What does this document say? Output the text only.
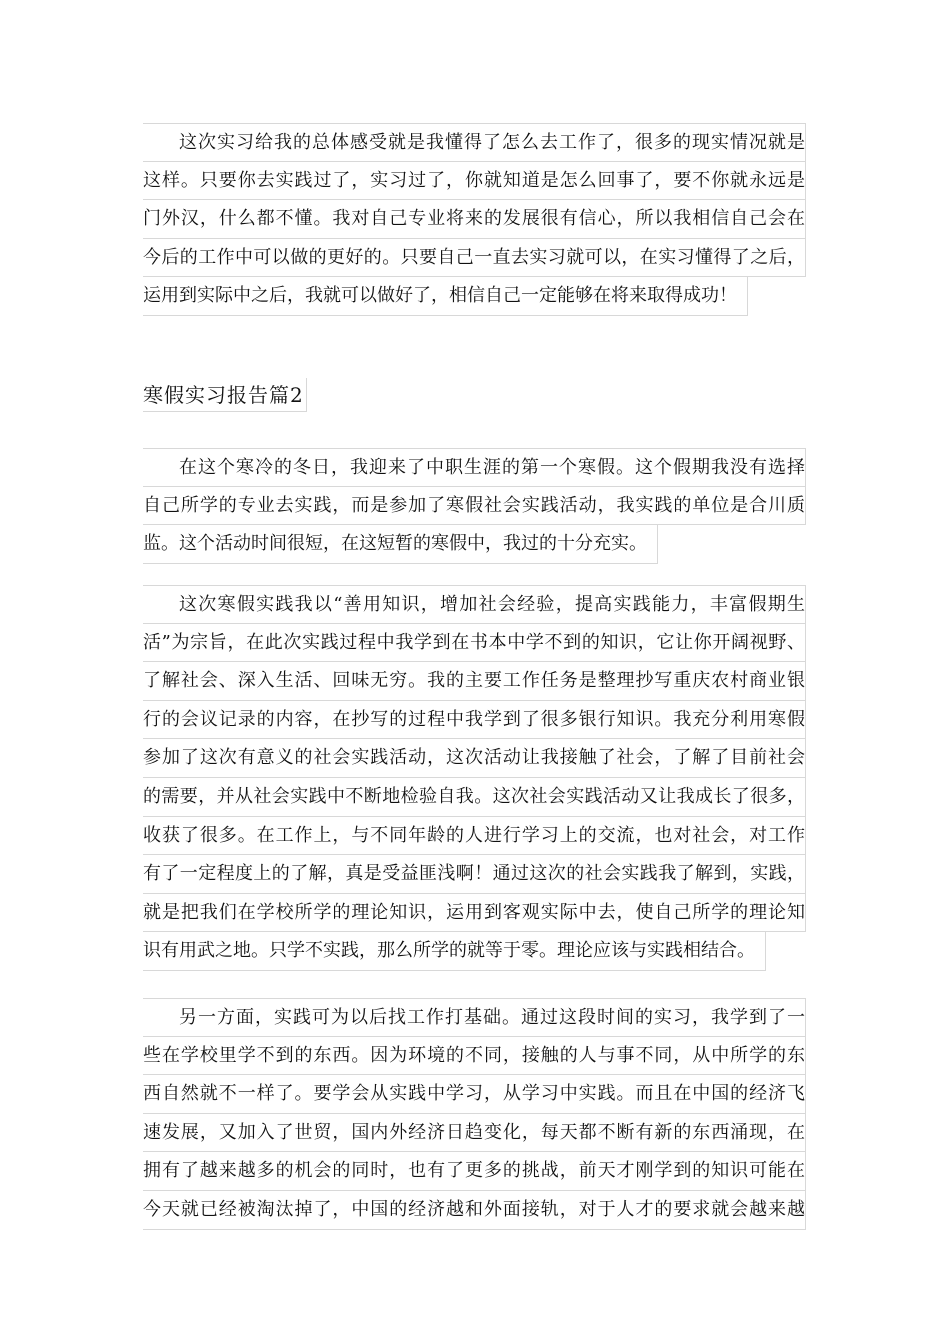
这次实习给我的总体感受就是我懂得了怎么去工作了，很多的现实情况就是
这样。只要你去实践过了，实习过了，你就知道是怎么回事了，要不你就永远是
门外汉，什么都不懂。我对自己专业将来的发展很有信心，所以我相信自己会在
今后的工作中可以做的更好的。只要自己一直去实习就可以，在实习懂得了之后，
运用到实际中之后，我就可以做好了，相信自己一定能够在将来取得成功！
寒假实习报告篇2
在这个寒冷的冬日，我迎来了中职生涯的第一个寒假。这个假期我没有选择
自己所学的专业去实践，而是参加了寒假社会实践活动，我实践的单位是合川质
监。这个活动时间很短，在这短暂的寒假中，我过的十分充实。
这次寒假实践我以“善用知识，增加社会经验，提高实践能力，丰富假期生
活”为宗旨，在此次实践过程中我学到在书本中学不到的知识，它让你开阔视野、
了解社会、深入生活、回味无穷。我的主要工作任务是整理抄写重庆农村商业银
行的会议记录的内容，在抄写的过程中我学到了很多银行知识。我充分利用寒假
参加了这次有意义的社会实践活动，这次活动让我接触了社会，了解了目前社会
的需要，并从社会实践中不断地检验自我。这次社会实践活动又让我成长了很多，
收获了很多。在工作上，与不同年龄的人进行学习上的交流，也对社会，对工作
有了一定程度上的了解，真是受益匪浅啊！通过这次的社会实践我了解到，实践，
就是把我们在学校所学的理论知识，运用到客观实际中去，使自己所学的理论知
识有用武之地。只学不实践，那么所学的就等于零。理论应该与实践相结合。
另一方面，实践可为以后找工作打基础。通过这段时间的实习，我学到了一
些在学校里学不到的东西。因为环境的不同，接触的人与事不同，从中所学的东
西自然就不一样了。要学会从实践中学习，从学习中实践。而且在中国的经济飞
速发展，又加入了世贸，国内外经济日趋变化，每天都不断有新的东西涌现，在
拥有了越来越多的机会的同时，也有了更多的挑战，前天才刚学到的知识可能在
今天就已经被淘汰掉了，中国的经济越和外面接轨，对于人才的要求就会越来越
